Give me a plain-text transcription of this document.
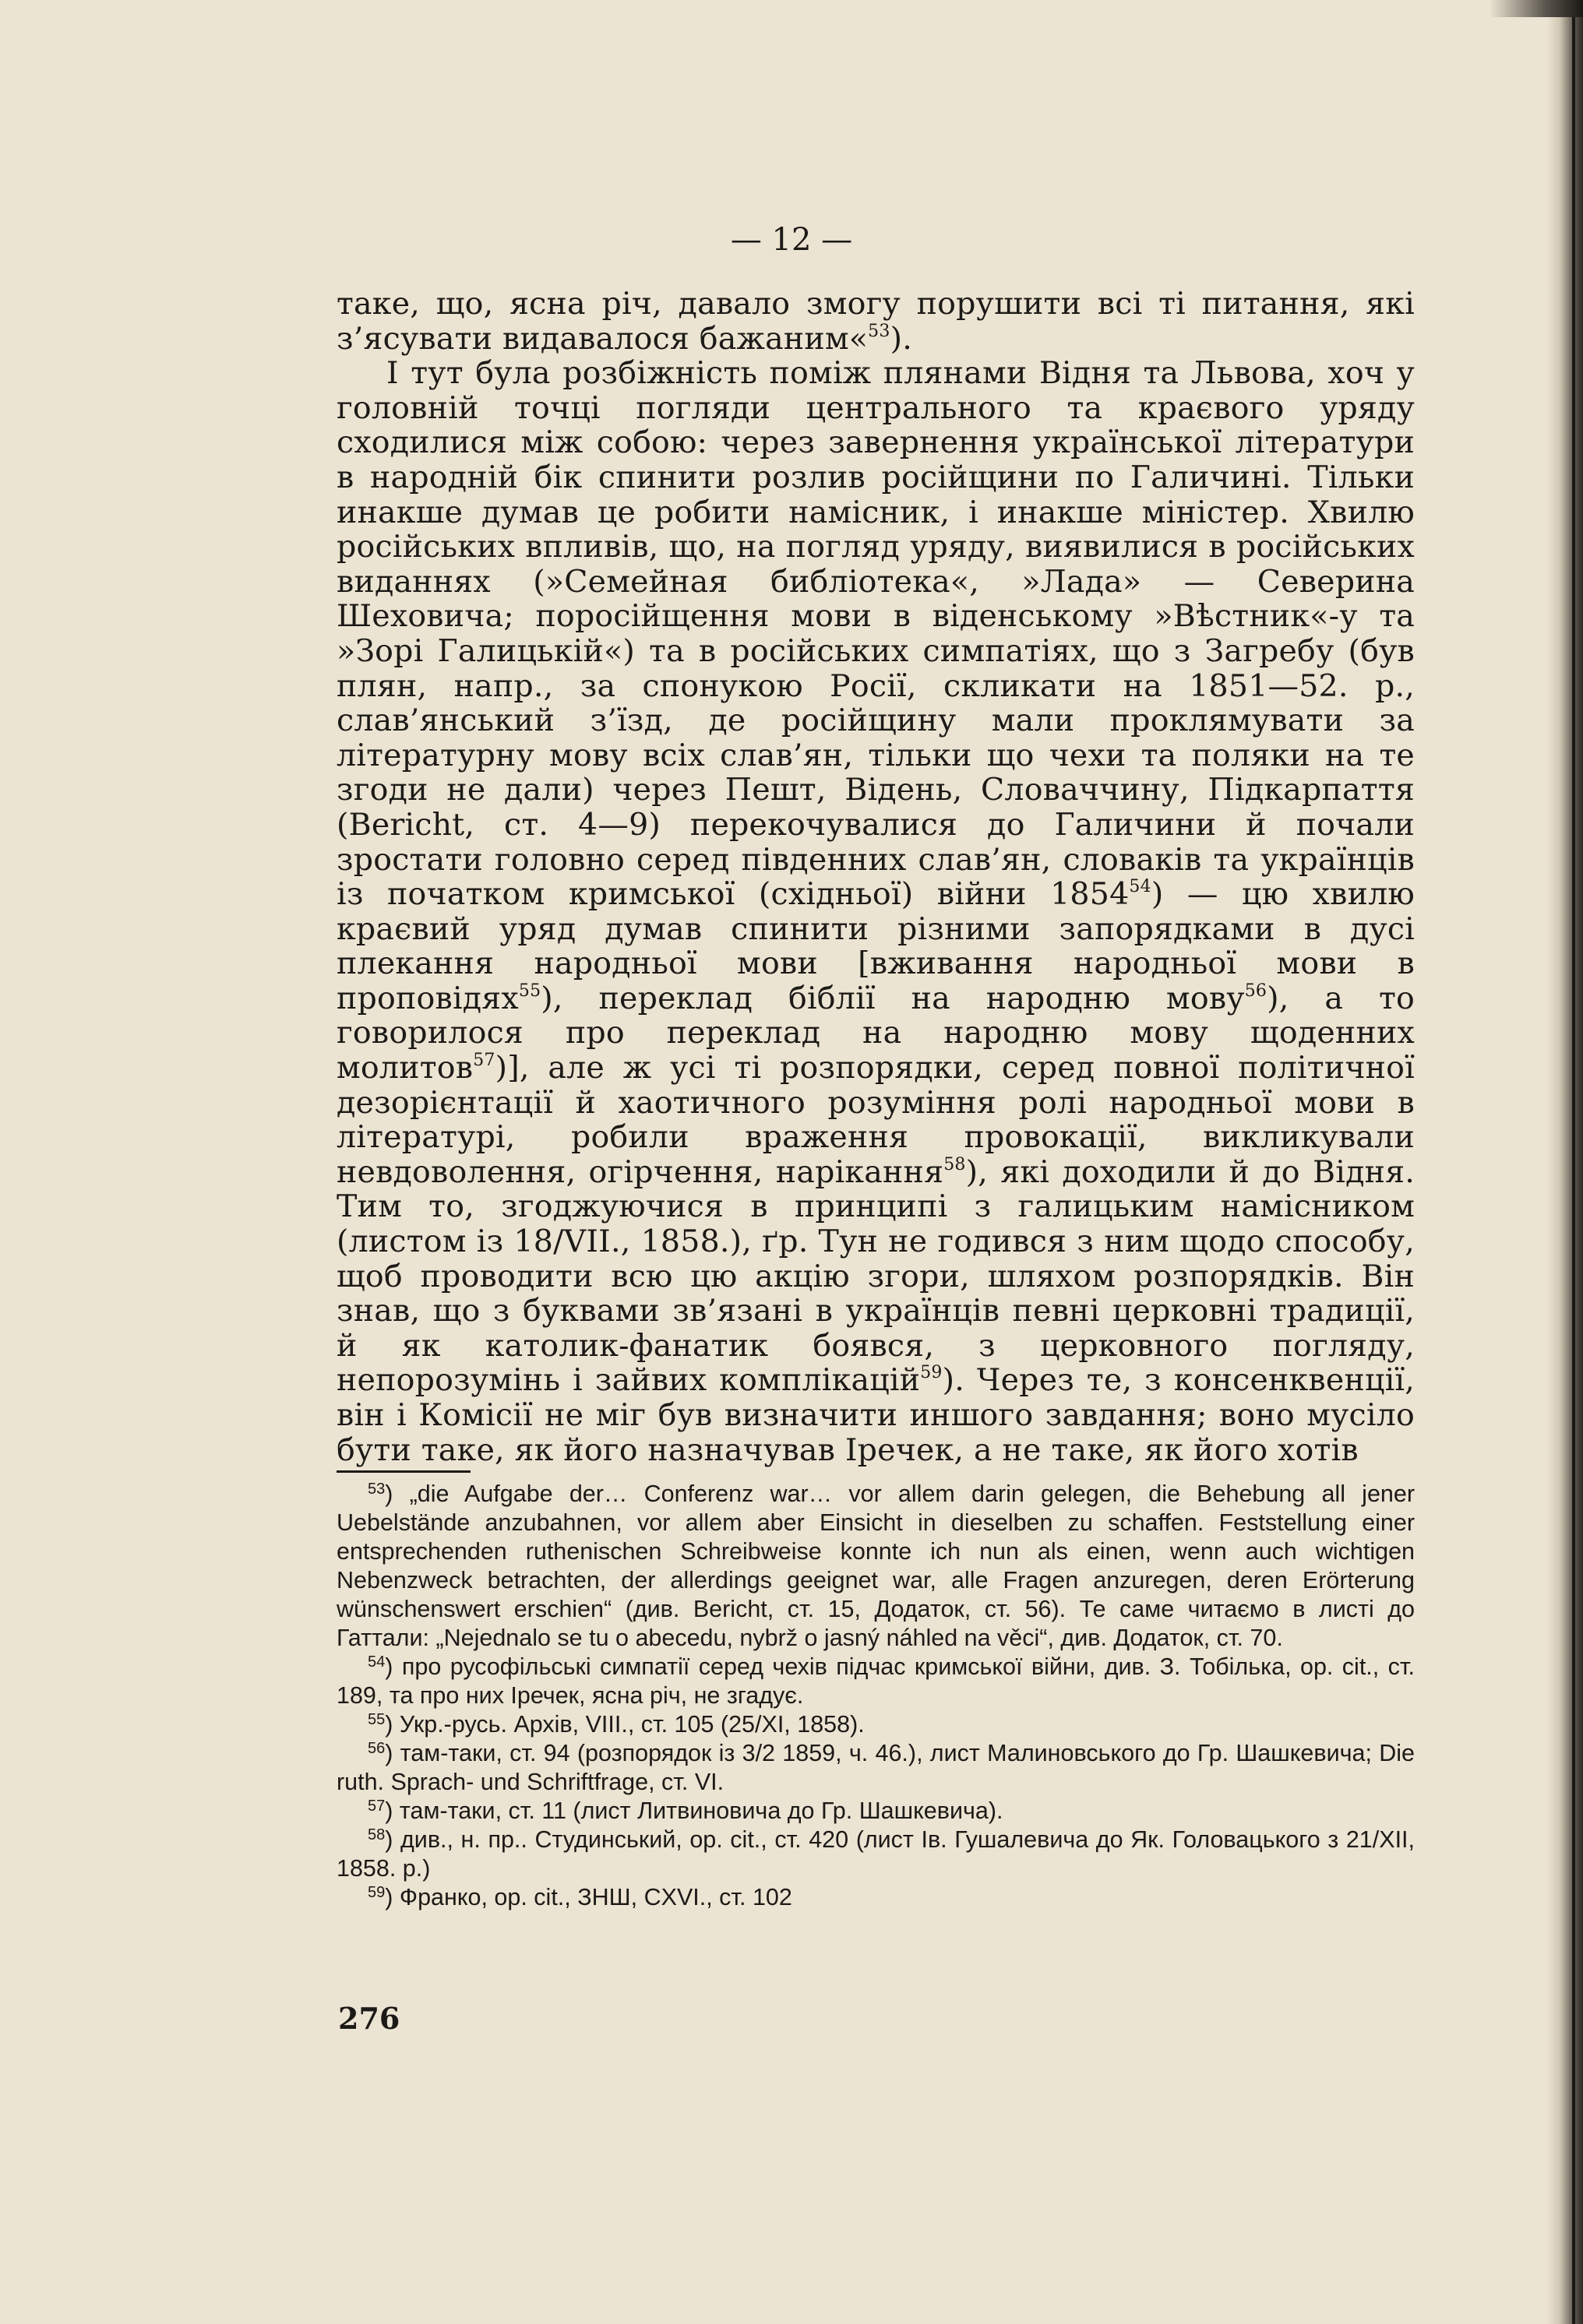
— 12 —

таке, що, ясна річ, давало змогу порушити всі ті питання, які з’ясувати видавалося бажаним«$^{53}$).

І тут була розбіжність поміж плянами Відня та Львова, хоч у головній точці погляди центрального та краєвого уряду сходилися між собою: через завернення української літератури в народній бік спинити розлив російщини по Галичині. Тільки инакше думав це робити намісник, і инакше міністер. Хвилю російських впливів, що, на погляд уряду, виявилися в російських виданнях (»Семейная библіотека«, »Лада» — Северина Шеховича; поросійщення мови в віденському »Вѣстник«-у та »Зорі Галицькій«) та в російських симпатіях, що з Загребу (був плян, напр., за спонукою Росії, скликати на 1851—52. р., слав’янський з’їзд, де російщину мали проклямувати за літературну мову всіх слав’ян, тільки що чехи та поляки на те згоди не дали) через Пешт, Відень, Словаччину, Підкарпаття (Bericht, ст. 4—9) перекочувалися до Галичини й почали зростати головно серед південних слав’ян, словаків та українців із початком кримської (східньої) війни 1854$^{54}$) — цю хвилю краєвий уряд думав спинити різними запорядками в дусі плекання народньої мови [вживання народньої мови в проповідях$^{55}$), переклад біблії на народню мову$^{56}$), а то говорилося про переклад на народню мову щоденних молитов$^{57}$)], але ж усі ті розпорядки, серед повної політичної дезорієнтації й хаотичного розуміння ролі народньої мови в літературі, робили враження провокації, викликували невдоволення, огірчення, нарікання$^{58}$), які доходили й до Відня. Тим то, згоджуючися в принципі з галицьким намісником (листом із 18/VII., 1858.), ґр. Тун не годився з ним щодо способу, щоб проводити всю цю акцію згори, шляхом розпорядків. Він знав, що з буквами зв’язані в українців певні церковні традиції, й як католик-фанатик боявся, з церковного погляду, непорозумінь і зайвих комплікацій$^{59}$). Через те, з консенквенції, він і Комісії не міг був визначити иншого завдання; воно мусіло бути таке, як його назначував Іречек, а не таке, як його хотів

$^{53}$) „die Aufgabe der… Conferenz war… vor allem darin gelegen, die Behebung all jener Uebelstände anzubahnen, vor allem aber Einsicht in dieselben zu schaffen. Feststellung einer entsprechenden ruthenischen Schreibweise konnte ich nun als einen, wenn auch wichtigen Nebenzweck betrachten, der allerdings geeignet war, alle Fragen anzuregen, deren Erörterung wünschenswert erschien“ (див. Bericht, ст. 15, Додаток, ст. 56). Те саме читаємо в листі до Гаттали: „Nejednalo se tu o abecedu, nybrž o jasný náhled na věci“, див. Додаток, ст. 70.

$^{54}$) про русофільські симпатії серед чехів підчас кримської війни, див. З. Тобілька, op. cit., ст. 189, та про них Іречек, ясна річ, не згадує.

$^{55}$) Укр.-русь. Архів, VIII., ст. 105 (25/XI, 1858).

$^{56}$) там-таки, ст. 94 (розпорядок із 3/2 1859, ч. 46.), лист Малиновського до Гр. Шашкевича; Die ruth. Sprach- und Schriftfrage, ст. VI.

$^{57}$) там-таки, ст. 11 (лист Литвиновича до Гр. Шашкевича).

$^{58}$) див., н. пр.. Студинський, op. cit., ст. 420 (лист Ів. Гушалевича до Як. Головацького з 21/XII, 1858. р.)

$^{59}$) Франко, op. cit., ЗНШ, CXVI., ст. 102

276
